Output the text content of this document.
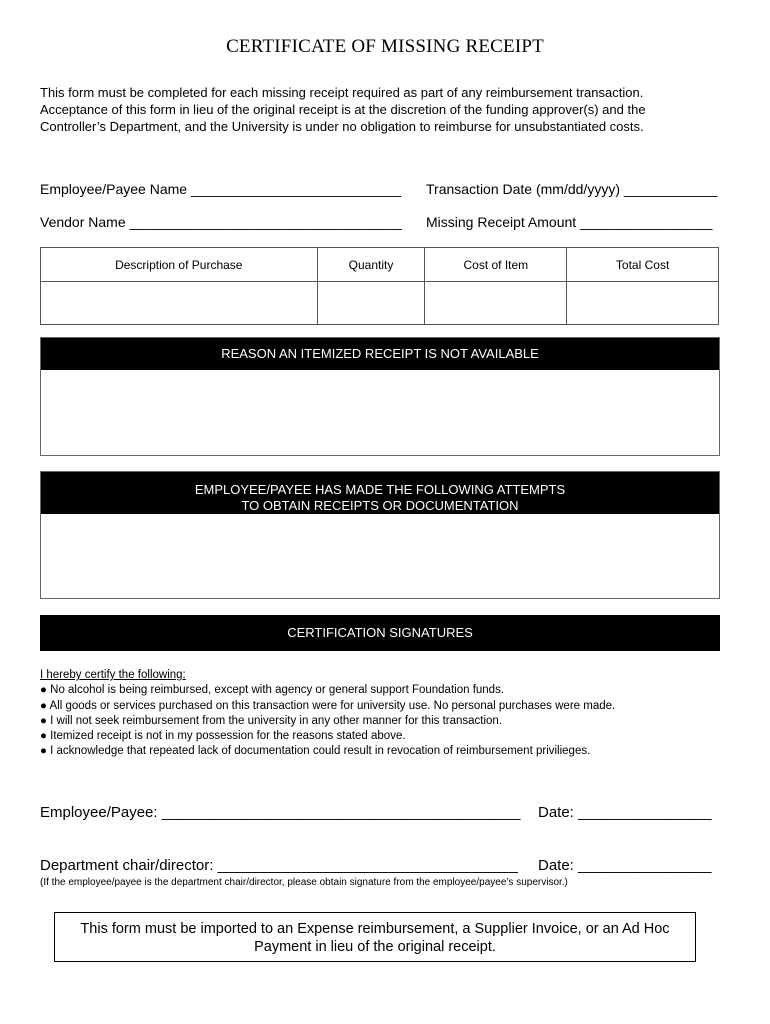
CERTIFICATE OF MISSING RECEIPT
This form must be completed for each missing receipt required as part of any reimbursement transaction.
Acceptance of this form in lieu of the original receipt is at the discretion of the funding approver(s) and the
Controller’s Department, and the University is under no obligation to reimburse for unsubstantiated costs.
Employee/Payee Name ___________________________ Transaction Date (mm/dd/yyyy) ____________
Vendor Name ___________________________________ Missing Receipt Amount _________________
Description of Purchase	Quantity	Cost of Item	Total Cost

REASON AN ITEMIZED RECEIPT IS NOT AVAILABLE
EMPLOYEE/PAYEE HAS MADE THE FOLLOWING ATTEMPTS
TO OBTAIN RECEIPTS OR DOCUMENTATION
CERTIFICATION SIGNATURES
I hereby certify the following:
● No alcohol is being reimbursed, except with agency or general support Foundation funds.
● All goods or services purchased on this transaction were for university use. No personal purchases were made.
● I will not seek reimbursement from the university in any other manner for this transaction.
● Itemized receipt is not in my possession for the reasons stated above.
● I acknowledge that repeated lack of documentation could result in revocation of reimbursement privilieges.
Employee/Payee: ___________________________________________ Date: ________________
Department chair/director: ____________________________________ Date: ________________
(If the employee/payee is the department chair/director, please obtain signature from the employee/payee’s supervisor.)
This form must be imported to an Expense reimbursement, a Supplier Invoice, or an Ad Hoc
Payment in lieu of the original receipt.
